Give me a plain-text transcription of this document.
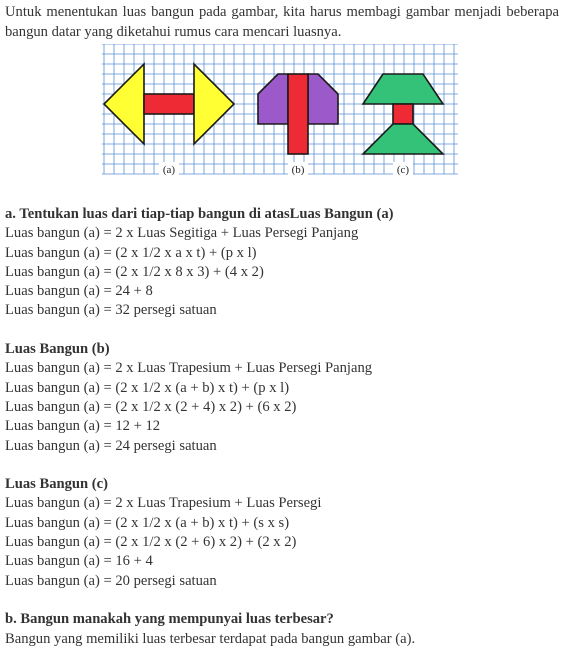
Untuk menentukan luas bangun pada gambar, kita harus membagi gambar menjadi beberapa bangun datar yang diketahui rumus cara mencari luasnya.
(a)	(b)	(c)
a. Tentukan luas dari tiap-tiap bangun di atasLuas Bangun (a)
Luas bangun (a) = 2 x Luas Segitiga + Luas Persegi Panjang
Luas bangun (a) = (2 x 1/2 x a x t) + (p x l)
Luas bangun (a) = (2 x 1/2 x 8 x 3) + (4 x 2)
Luas bangun (a) = 24 + 8
Luas bangun (a) = 32 persegi satuan
Luas Bangun (b)
Luas bangun (a) = 2 x Luas Trapesium + Luas Persegi Panjang
Luas bangun (a) = (2 x 1/2 x (a + b) x t) + (p x l)
Luas bangun (a) = (2 x 1/2 x (2 + 4) x 2) + (6 x 2)
Luas bangun (a) = 12 + 12
Luas bangun (a) = 24 persegi satuan
Luas Bangun (c)
Luas bangun (a) = 2 x Luas Trapesium + Luas Persegi
Luas bangun (a) = (2 x 1/2 x (a + b) x t) + (s x s)
Luas bangun (a) = (2 x 1/2 x (2 + 6) x 2) + (2 x 2)
Luas bangun (a) = 16 + 4
Luas bangun (a) = 20 persegi satuan
b. Bangun manakah yang mempunyai luas terbesar?
Bangun yang memiliki luas terbesar terdapat pada bangun gambar (a).
